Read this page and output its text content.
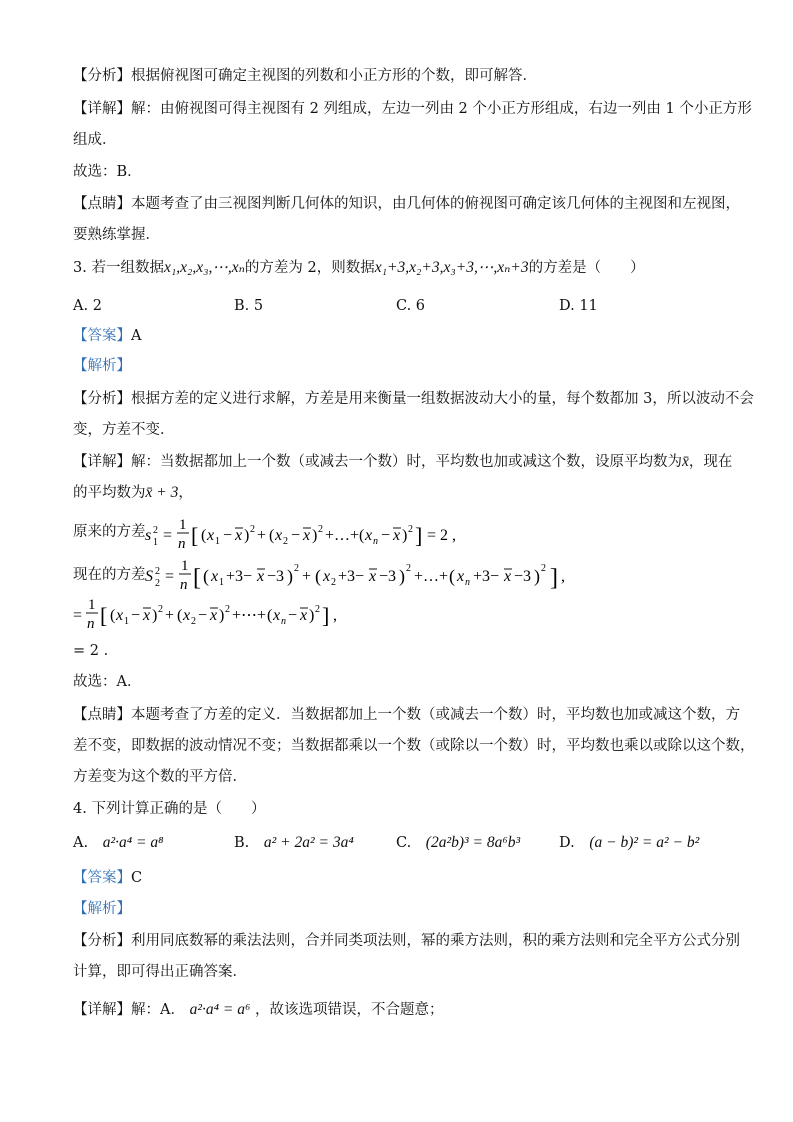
【分析】根据俯视图可确定主视图的列数和小正方形的个数，即可解答．
【详解】解：由俯视图可得主视图有 2 列组成，左边一列由 2 个小正方形组成，右边一列由 1 个小正方形
组成．
故选：B．
【点睛】本题考查了由三视图判断几何体的知识，由几何体的俯视图可确定该几何体的主视图和左视图，
要熟练掌握．
3. 若一组数据x₁,x₂,x₃,⋯,xₙ的方差为 2，则数据x₁+3,x₂+3,x₃+3,⋯,xₙ+3的方差是（　　）
A. 2	B. 5	C. 6	D. 11
【答案】A
【解析】
【分析】根据方差的定义进行求解，方差是用来衡量一组数据波动大小的量，每个数都加 3，所以波动不会
变，方差不变．
【详解】解：当数据都加上一个数（或减去一个数）时，平均数也加或减这个数，设原平均数为x̄，现在
的平均数为x̄ + 3，
原来的方差 s 1
2 =
1
n [ ( x 1 − x ) 2 + ( x 2 − x ) 2 +…+ ( x n − x ) 2 ] = 2 ,
现在的方差 S 2
2 =
1
n [ ( x 1 +3− x −3 ) 2 + ( x 2 +3− x −3 ) 2 +…+ ( x n +3− x −3 ) 2 ] ,
=
1
n [ ( x 1 − x ) 2 + ( x 2 − x ) 2 +⋯+ ( x n − x ) 2 ] ,
= 2 .
故选：A．
【点睛】本题考查了方差的定义．当数据都加上一个数（或减去一个数）时，平均数也加或减这个数，方
差不变，即数据的波动情况不变；当数据都乘以一个数（或除以一个数）时，平均数也乘以或除以这个数，
方差变为这个数的平方倍．
4. 下列计算正确的是（　　）
A. a²·a⁴ = a⁸	B. a² + 2a² = 3a⁴	C. (2a²b)³ = 8a⁶b³	D. (a − b)² = a² − b²
【答案】C
【解析】
【分析】利用同底数幂的乘法法则，合并同类项法则，幂的乘方法则，积的乘方法则和完全平方公式分别
计算，即可得出正确答案．
【详解】解：A． a²·a⁴ = a⁶ ，故该选项错误，不合题意；
